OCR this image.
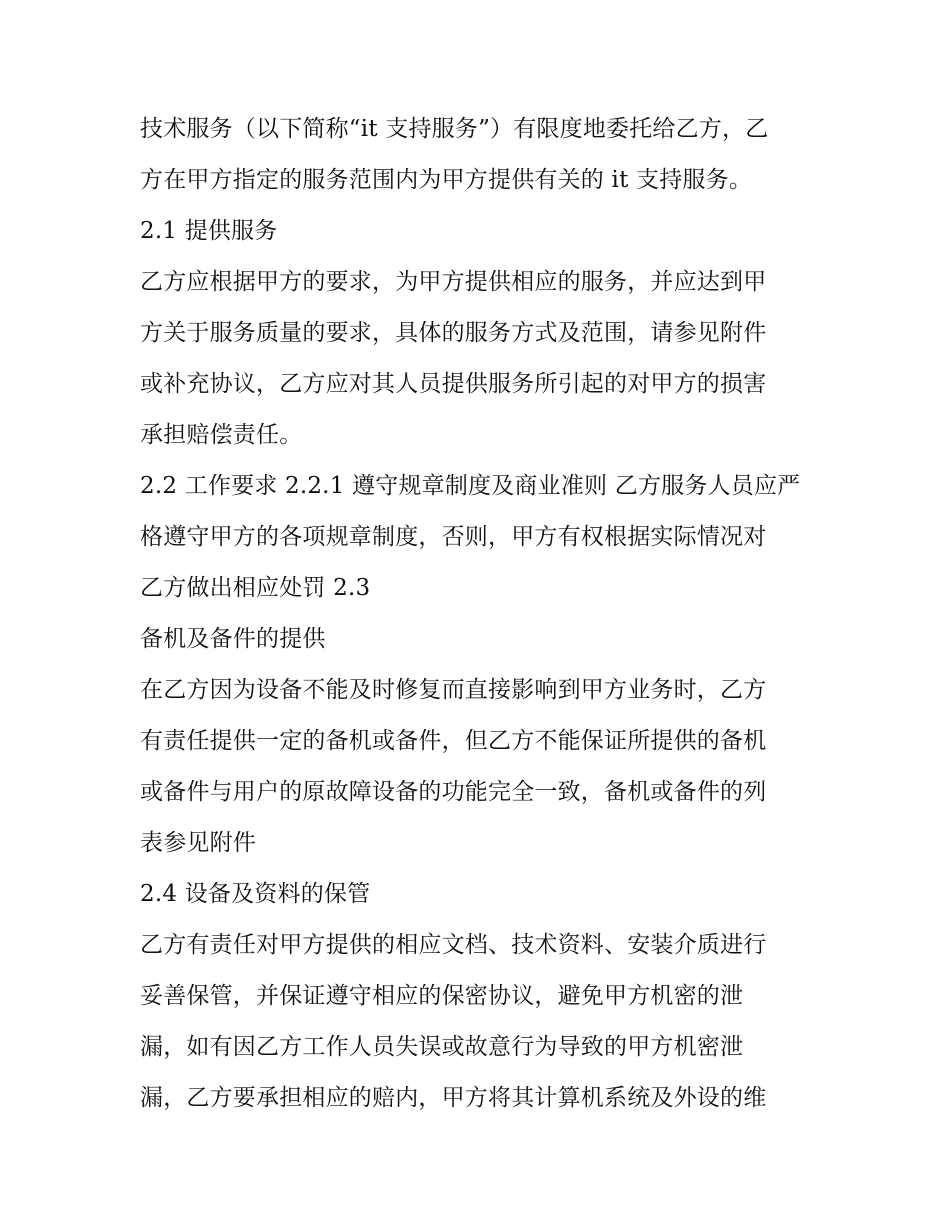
技术服务（以下简称“it 支持服务”）有限度地委托给乙方，乙
方在甲方指定的服务范围内为甲方提供有关的 it 支持服务。
2.1 提供服务
乙方应根据甲方的要求，为甲方提供相应的服务，并应达到甲
方关于服务质量的要求，具体的服务方式及范围，请参见附件
或补充协议，乙方应对其人员提供服务所引起的对甲方的损害
承担赔偿责任。
2.2 工作要求 2.2.1 遵守规章制度及商业准则 乙方服务人员应严
格遵守甲方的各项规章制度，否则，甲方有权根据实际情况对
乙方做出相应处罚 2.3
备机及备件的提供
在乙方因为设备不能及时修复而直接影响到甲方业务时，乙方
有责任提供一定的备机或备件，但乙方不能保证所提供的备机
或备件与用户的原故障设备的功能完全一致，备机或备件的列
表参见附件
2.4 设备及资料的保管
乙方有责任对甲方提供的相应文档、技术资料、安装介质进行
妥善保管，并保证遵守相应的保密协议，避免甲方机密的泄
漏，如有因乙方工作人员失误或故意行为导致的甲方机密泄
漏，乙方要承担相应的赔内，甲方将其计算机系统及外设的维
